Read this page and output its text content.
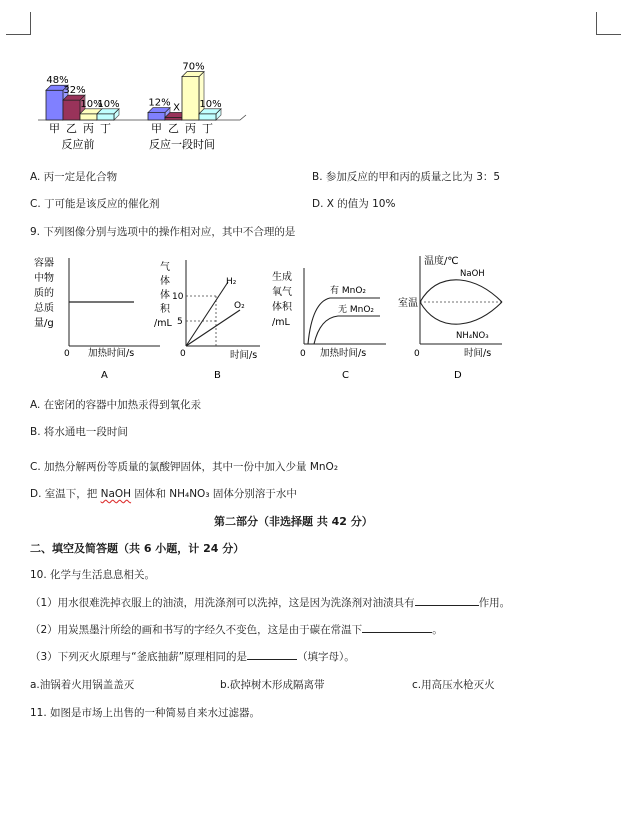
48%
甲
32%
乙
10%
丙
10%
丁
12%
甲
X
乙
70%
丙
10%
丁
反应前	反应一段时间
A. 丙一定是化合物	B. 参加反应的甲和丙的质量之比为 3：5
C. 丁可能是该反应的催化剂	D. X 的值为 10%
9. 下列图像分别与选项中的操作相对应，其中不合理的是
容器
中物
质的
总质
量/g
0 加热时间/s
A
气
体
体
积
/mL
10
5
H₂
O₂
0	时间/s
B
生成
氧气
体积
/mL
有 MnO₂
无 MnO₂
0 加热时间/s
C
温度/℃
室温
NaOH
NH₄NO₃
0	时间/s
D
A. 在密闭的容器中加热汞得到氧化汞
B. 将水通电一段时间
C. 加热分解两份等质量的氯酸钾固体，其中一份中加入少量 MnO₂
D. 室温下，把 NaOH 固体和 NH₄NO₃ 固体分别溶于水中
第二部分（非选择题 共 42 分）
二、填空及简答题（共 6 小题，计 24 分）
10. 化学与生活息息相关。
（1）用水很难洗掉衣服上的油渍，用洗涤剂可以洗掉，这是因为洗涤剂对油渍具有	作用。
（2）用炭黑墨汁所绘的画和书写的字经久不变色，这是由于碳在常温下	。
（3）下列灭火原理与“釜底抽薪”原理相同的是	（填字母）。
a.油锅着火用锅盖盖灭	b.砍掉树木形成隔离带	c.用高压水枪灭火
11. 如图是市场上出售的一种简易自来水过滤器。
